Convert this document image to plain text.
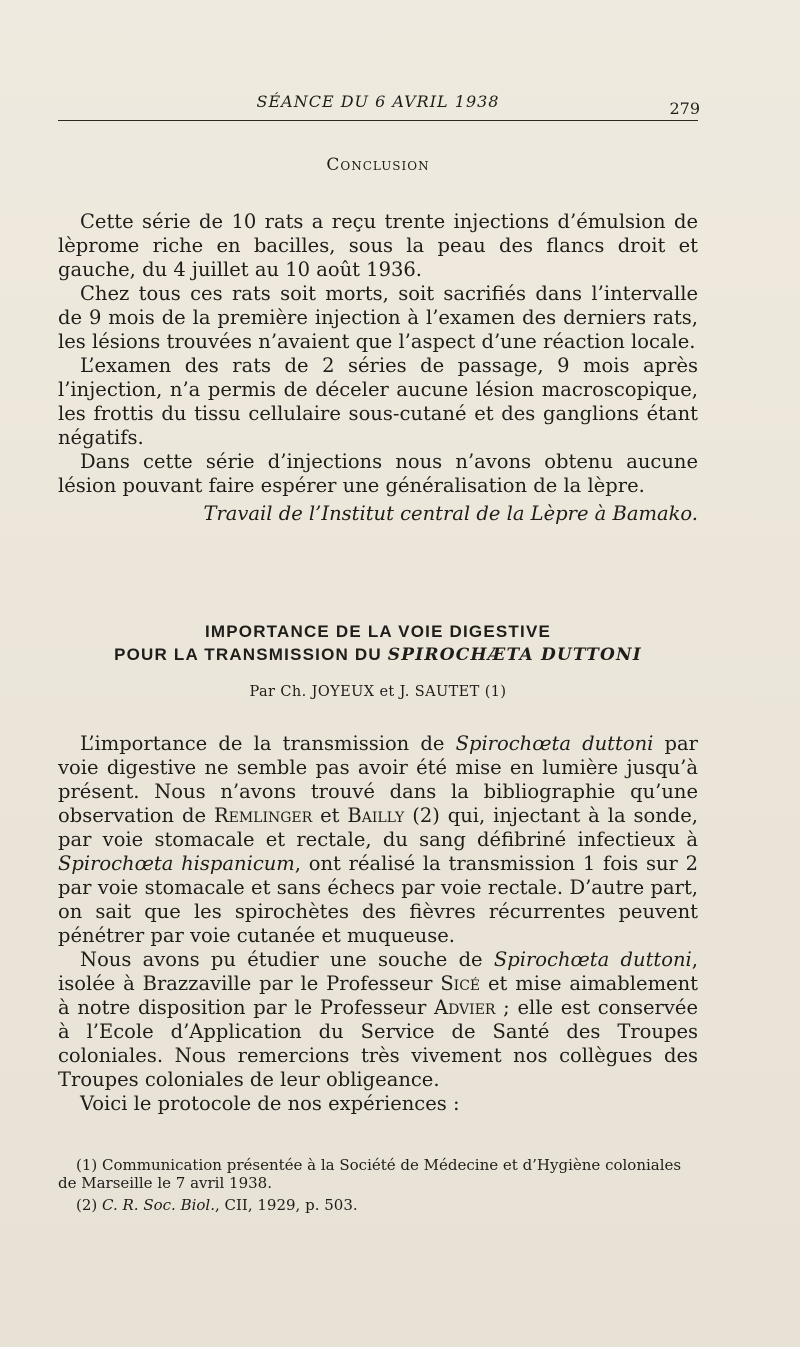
SÉANCE DU 6 AVRIL 1938	279
Conclusion

Cette série de 10 rats a reçu trente injections d’émulsion de lèprome riche en bacilles, sous la peau des flancs droit et gauche, du 4 juillet au 10 août 1936.

Chez tous ces rats soit morts, soit sacrifiés dans l’intervalle de 9 mois de la première injection à l’examen des derniers rats, les lésions trouvées n’avaient que l’aspect d’une réaction locale.

L’examen des rats de 2 séries de passage, 9 mois après l’injection, n’a permis de déceler aucune lésion macroscopique, les frottis du tissu cellulaire sous-cutané et des ganglions étant négatifs.

Dans cette série d’injections nous n’avons obtenu aucune lésion pouvant faire espérer une généralisation de la lèpre.

Travail de l’Institut central de la Lèpre à Bamako.
IMPORTANCE DE LA VOIE DIGESTIVE
POUR LA TRANSMISSION DU SPIROCHÆTA DUTTONI
Par Ch. JOYEUX et J. SAUTET (1)

L’importance de la transmission de Spirochœta duttoni par voie digestive ne semble pas avoir été mise en lumière jusqu’à présent. Nous n’avons trouvé dans la bibliographie qu’une observation de Remlinger et Bailly (2) qui, injectant à la sonde, par voie stomacale et rectale, du sang défibriné infectieux à Spirochœta hispanicum, ont réalisé la transmission 1 fois sur 2 par voie stomacale et sans échecs par voie rectale. D’autre part, on sait que les spirochètes des fièvres récurrentes peuvent pénétrer par voie cutanée et muqueuse.

Nous avons pu étudier une souche de Spirochœta duttoni, isolée à Brazzaville par le Professeur Sicé et mise aimablement à notre disposition par le Professeur Advier ; elle est conservée à l’Ecole d’Application du Service de Santé des Troupes coloniales. Nous remercions très vivement nos collègues des Troupes coloniales de leur obligeance.

Voici le protocole de nos expériences :

(1) Communication présentée à la Société de Médecine et d’Hygiène coloniales de Marseille le 7 avril 1938.

(2) C. R. Soc. Biol., CII, 1929, p. 503.
